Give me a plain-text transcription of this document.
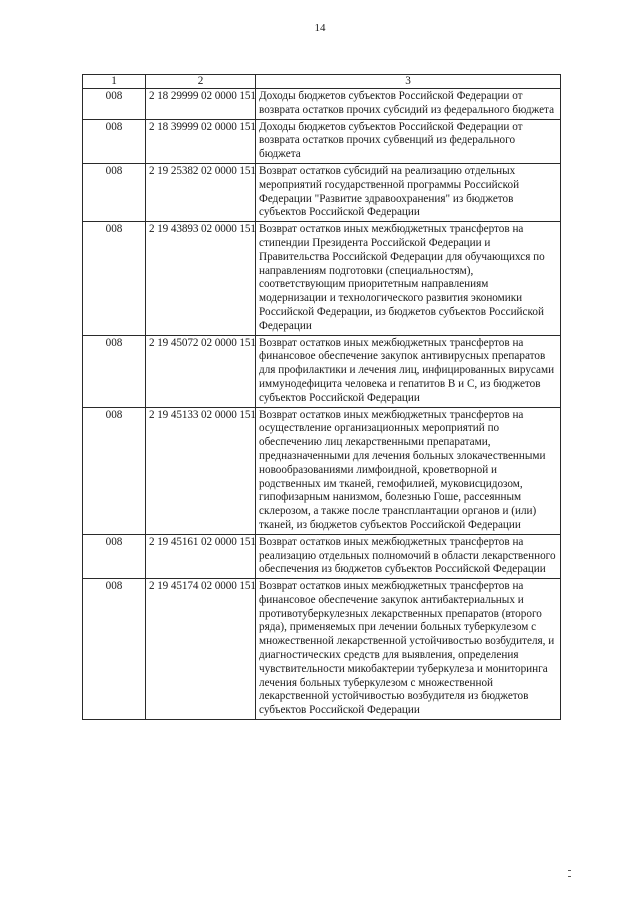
14
1	2	3
008	2 18 29999 02 0000 151	Доходы бюджетов субъектов Российской Федерации от возврата остатков прочих субсидий из федерального бюджета
008	2 18 39999 02 0000 151	Доходы бюджетов субъектов Российской Федерации от возврата остатков прочих субвенций из федерального бюджета
008	2 19 25382 02 0000 151	Возврат остатков субсидий на реализацию отдельных мероприятий государственной программы Российской Федерации "Развитие здравоохранения" из бюджетов субъектов Российской Федерации
008	2 19 43893 02 0000 151	Возврат остатков иных межбюджетных трансфертов на стипендии Президента Российской Федерации и Правительства Российской Федерации для обучающихся по направлениям подготовки (специальностям), соответствующим приоритетным направлениям модернизации и технологического развития экономики Российской Федерации, из бюджетов субъектов Российской Федерации
008	2 19 45072 02 0000 151	Возврат остатков иных межбюджетных трансфертов на финансовое обеспечение закупок антивирусных препаратов для профилактики и лечения лиц, инфицированных вирусами иммунодефицита человека и гепатитов В и С, из бюджетов субъектов Российской Федерации
008	2 19 45133 02 0000 151	Возврат остатков иных межбюджетных трансфертов на осуществление организационных мероприятий по обеспечению лиц лекарственными препаратами, предназначенными для лечения больных злокачественными новообразованиями лимфоидной, кроветворной и родственных им тканей, гемофилией, муковисцидозом, гипофизарным нанизмом, болезнью Гоше, рассеянным склерозом, а также после трансплантации органов и (или) тканей, из бюджетов субъектов Российской Федерации
008	2 19 45161 02 0000 151	Возврат остатков иных межбюджетных трансфертов на реализацию отдельных полномочий в области лекарственного обеспечения из бюджетов субъектов Российской Федерации
008	2 19 45174 02 0000 151	Возврат остатков иных межбюджетных трансфертов на финансовое обеспечение закупок антибактериальных и противотуберкулезных лекарственных препаратов (второго ряда), применяемых при лечении больных туберкулезом с множественной лекарственной устойчивостью возбудителя, и диагностических средств для выявления, определения чувствительности микобактерии туберкулеза и мониторинга лечения больных туберкулезом с множественной лекарственной устойчивостью возбудителя из бюджетов субъектов Российской Федерации
